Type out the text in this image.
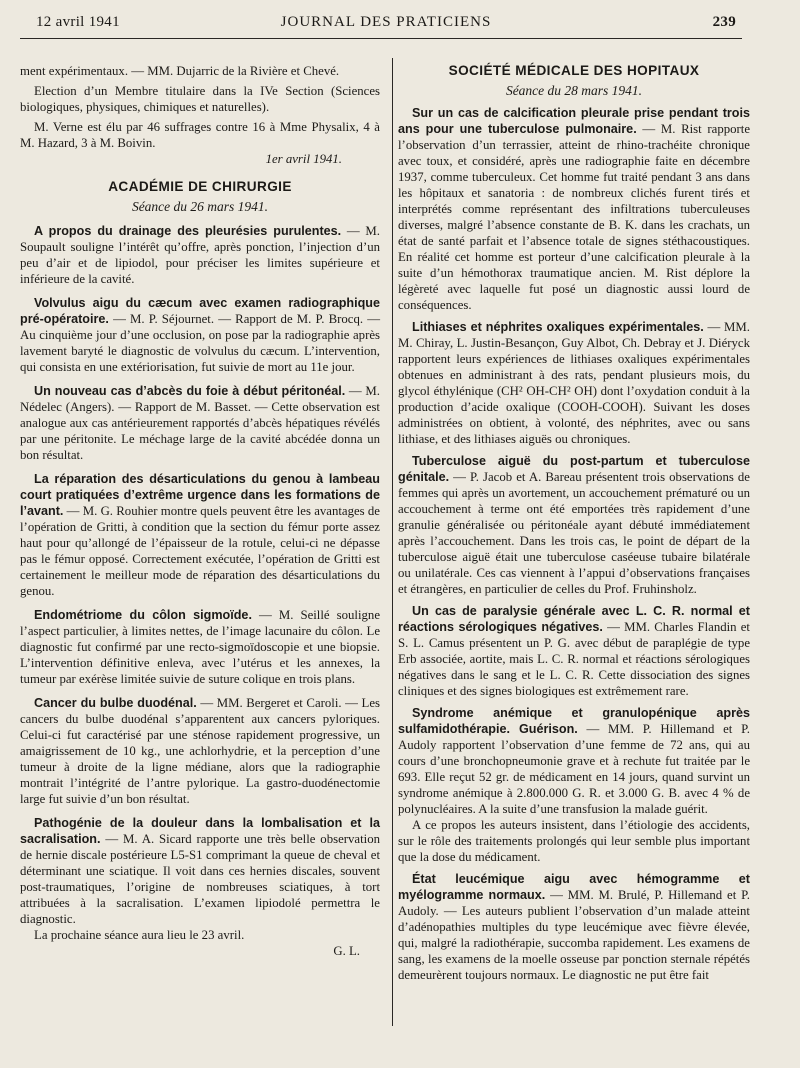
12 avril 1941	JOURNAL DES PRATICIENS	239

ment expérimentaux. — MM. Dujarric de la Rivière et Chevé.

Election d’un Membre titulaire dans la IVe Section (Sciences biologiques, physiques, chimiques et naturelles).

M. Verne est élu par 46 suffrages contre 16 à Mme Physalix, 4 à M. Hazard, 3 à M. Boivin.

1er avril 1941.

ACADÉMIE DE CHIRURGIE
Séance du 26 mars 1941.

A propos du drainage des pleurésies purulentes. — M. Soupault souligne l’intérêt qu’offre, après ponction, l’injection d’un peu d’air et de lipiodol, pour préciser les limites supérieure et inférieure de la cavité.

Volvulus aigu du cæcum avec examen radiographique pré-opératoire. — M. P. Séjournet. — Rapport de M. P. Brocq. — Au cinquième jour d’une occlusion, on pose par la radiographie après lavement baryté le diagnostic de volvulus du cæcum. L’intervention, qui consista en une extériorisation, fut suivie de mort au 11e jour.

Un nouveau cas d’abcès du foie à début péritonéal. — M. Nédelec (Angers). — Rapport de M. Basset. — Cette observation est analogue aux cas antérieurement rapportés d’abcès hépatiques révélés par une péritonite. Le méchage large de la cavité abcédée donna un bon résultat.

La réparation des désarticulations du genou à lambeau court pratiquées d’extrême urgence dans les formations de l’avant. — M. G. Rouhier montre quels peuvent être les avantages de l’opération de Gritti, à condition que la section du fémur porte assez haut pour qu’allongé de l’épaisseur de la rotule, celui-ci ne dépasse pas le fémur opposé. Correctement exécutée, l’opération de Gritti est certainement le meilleur mode de réparation des désarticulations du genou.

Endométriome du côlon sigmoïde. — M. Seillé souligne l’aspect particulier, à limites nettes, de l’image lacunaire du côlon. Le diagnostic fut confirmé par une recto-sigmoïdoscopie et une biopsie. L’intervention définitive enleva, avec l’utérus et les annexes, la tumeur par exérèse limitée suivie de suture colique en trois plans.

Cancer du bulbe duodénal. — MM. Bergeret et Caroli. — Les cancers du bulbe duodénal s’apparentent aux cancers pyloriques. Celui-ci fut caractérisé par une sténose rapidement progressive, un amaigrissement de 10 kg., une achlorhydrie, et la perception d’une tumeur à droite de la ligne médiane, alors que la radiographie montrait l’intégrité de l’antre pylorique. La gastro-duodénectomie large fut suivie d’un bon résultat.

Pathogénie de la douleur dans la lombalisation et la sacralisation. — M. A. Sicard rapporte une très belle observation de hernie discale postérieure L5-S1 comprimant la queue de cheval et déterminant une sciatique. Il voit dans ces hernies discales, souvent post-traumatiques, l’origine de nombreuses sciatiques, à tort attribuées à la sacralisation. L’examen lipiodolé permettra le diagnostic.

La prochaine séance aura lieu le 23 avril.

G. L.

SOCIÉTÉ MÉDICALE DES HOPITAUX
Séance du 28 mars 1941.

Sur un cas de calcification pleurale prise pendant trois ans pour une tuberculose pulmonaire. — M. Rist rapporte l’observation d’un terrassier, atteint de rhino-trachéite chronique avec toux, et considéré, après une radiographie faite en décembre 1937, comme tuberculeux. Cet homme fut traité pendant 3 ans dans les hôpitaux et sanatoria : de nombreux clichés furent tirés et interprétés comme représentant des infiltrations tuberculeuses diverses, malgré l’absence constante de B. K. dans les crachats, un état de santé parfait et l’absence totale de signes stéthacoustiques. En réalité cet homme est porteur d’une calcification pleurale à la suite d’un hémothorax traumatique ancien. M. Rist déplore la légèreté avec laquelle fut posé un diagnostic aussi lourd de conséquences.

Lithiases et néphrites oxaliques expérimentales. — MM. M. Chiray, L. Justin-Besançon, Guy Albot, Ch. Debray et J. Diéryck rapportent leurs expériences de lithiases oxaliques expérimentales obtenues en administrant à des rats, pendant plusieurs mois, du glycol éthylénique (CH² OH-CH² OH) dont l’oxydation conduit à la production d’acide oxalique (COOH-COOH). Suivant les doses administrées on obtient, à volonté, des néphrites, avec ou sans lithiase, et des lithiases aiguës ou chroniques.

Tuberculose aiguë du post-partum et tuberculose génitale. — P. Jacob et A. Bareau présentent trois observations de femmes qui après un avortement, un accouchement prématuré ou un accouchement à terme ont été emportées très rapidement d’une granulie généralisée ou péritonéale ayant débuté immédiatement après l’accouchement. Dans les trois cas, le point de départ de la tuberculose aiguë était une tuberculose caséeuse tubaire bilatérale ou unilatérale. Ces cas viennent à l’appui d’observations françaises et étrangères, en particulier de celles du Prof. Fruhinsholz.

Un cas de paralysie générale avec L. C. R. normal et réactions sérologiques négatives. — MM. Charles Flandin et S. L. Camus présentent un P. G. avec début de paraplégie de type Erb associée, aortite, mais L. C. R. normal et réactions sérologiques négatives dans le sang et le L. C. R. Cette dissociation des signes cliniques et des signes biologiques est extrêmement rare.

Syndrome anémique et granulopénique après sulfamidothérapie. Guérison. — MM. P. Hillemand et P. Audoly rapportent l’observation d’une femme de 72 ans, qui au cours d’une bronchopneumonie grave et à rechute fut traitée par le 693. Elle reçut 52 gr. de médicament en 14 jours, quand survint un syndrome anémique à 2.800.000 G. R. et 3.000 G. B. avec 4 % de polynucléaires. A la suite d’une transfusion la malade guérit.

A ce propos les auteurs insistent, dans l’étiologie des accidents, sur le rôle des traitements prolongés qui leur semble plus important que la dose du médicament.

État leucémique aigu avec hémogramme et myélogramme normaux. — MM. M. Brulé, P. Hillemand et P. Audoly. — Les auteurs publient l’observation d’un malade atteint d’adénopathies multiples du type leucémique avec fièvre élevée, qui, malgré la radiothérapie, succomba rapidement. Les examens de sang, les examens de la moelle osseuse par ponction sternale répétés demeurèrent toujours normaux. Le diagnostic ne put être fait
